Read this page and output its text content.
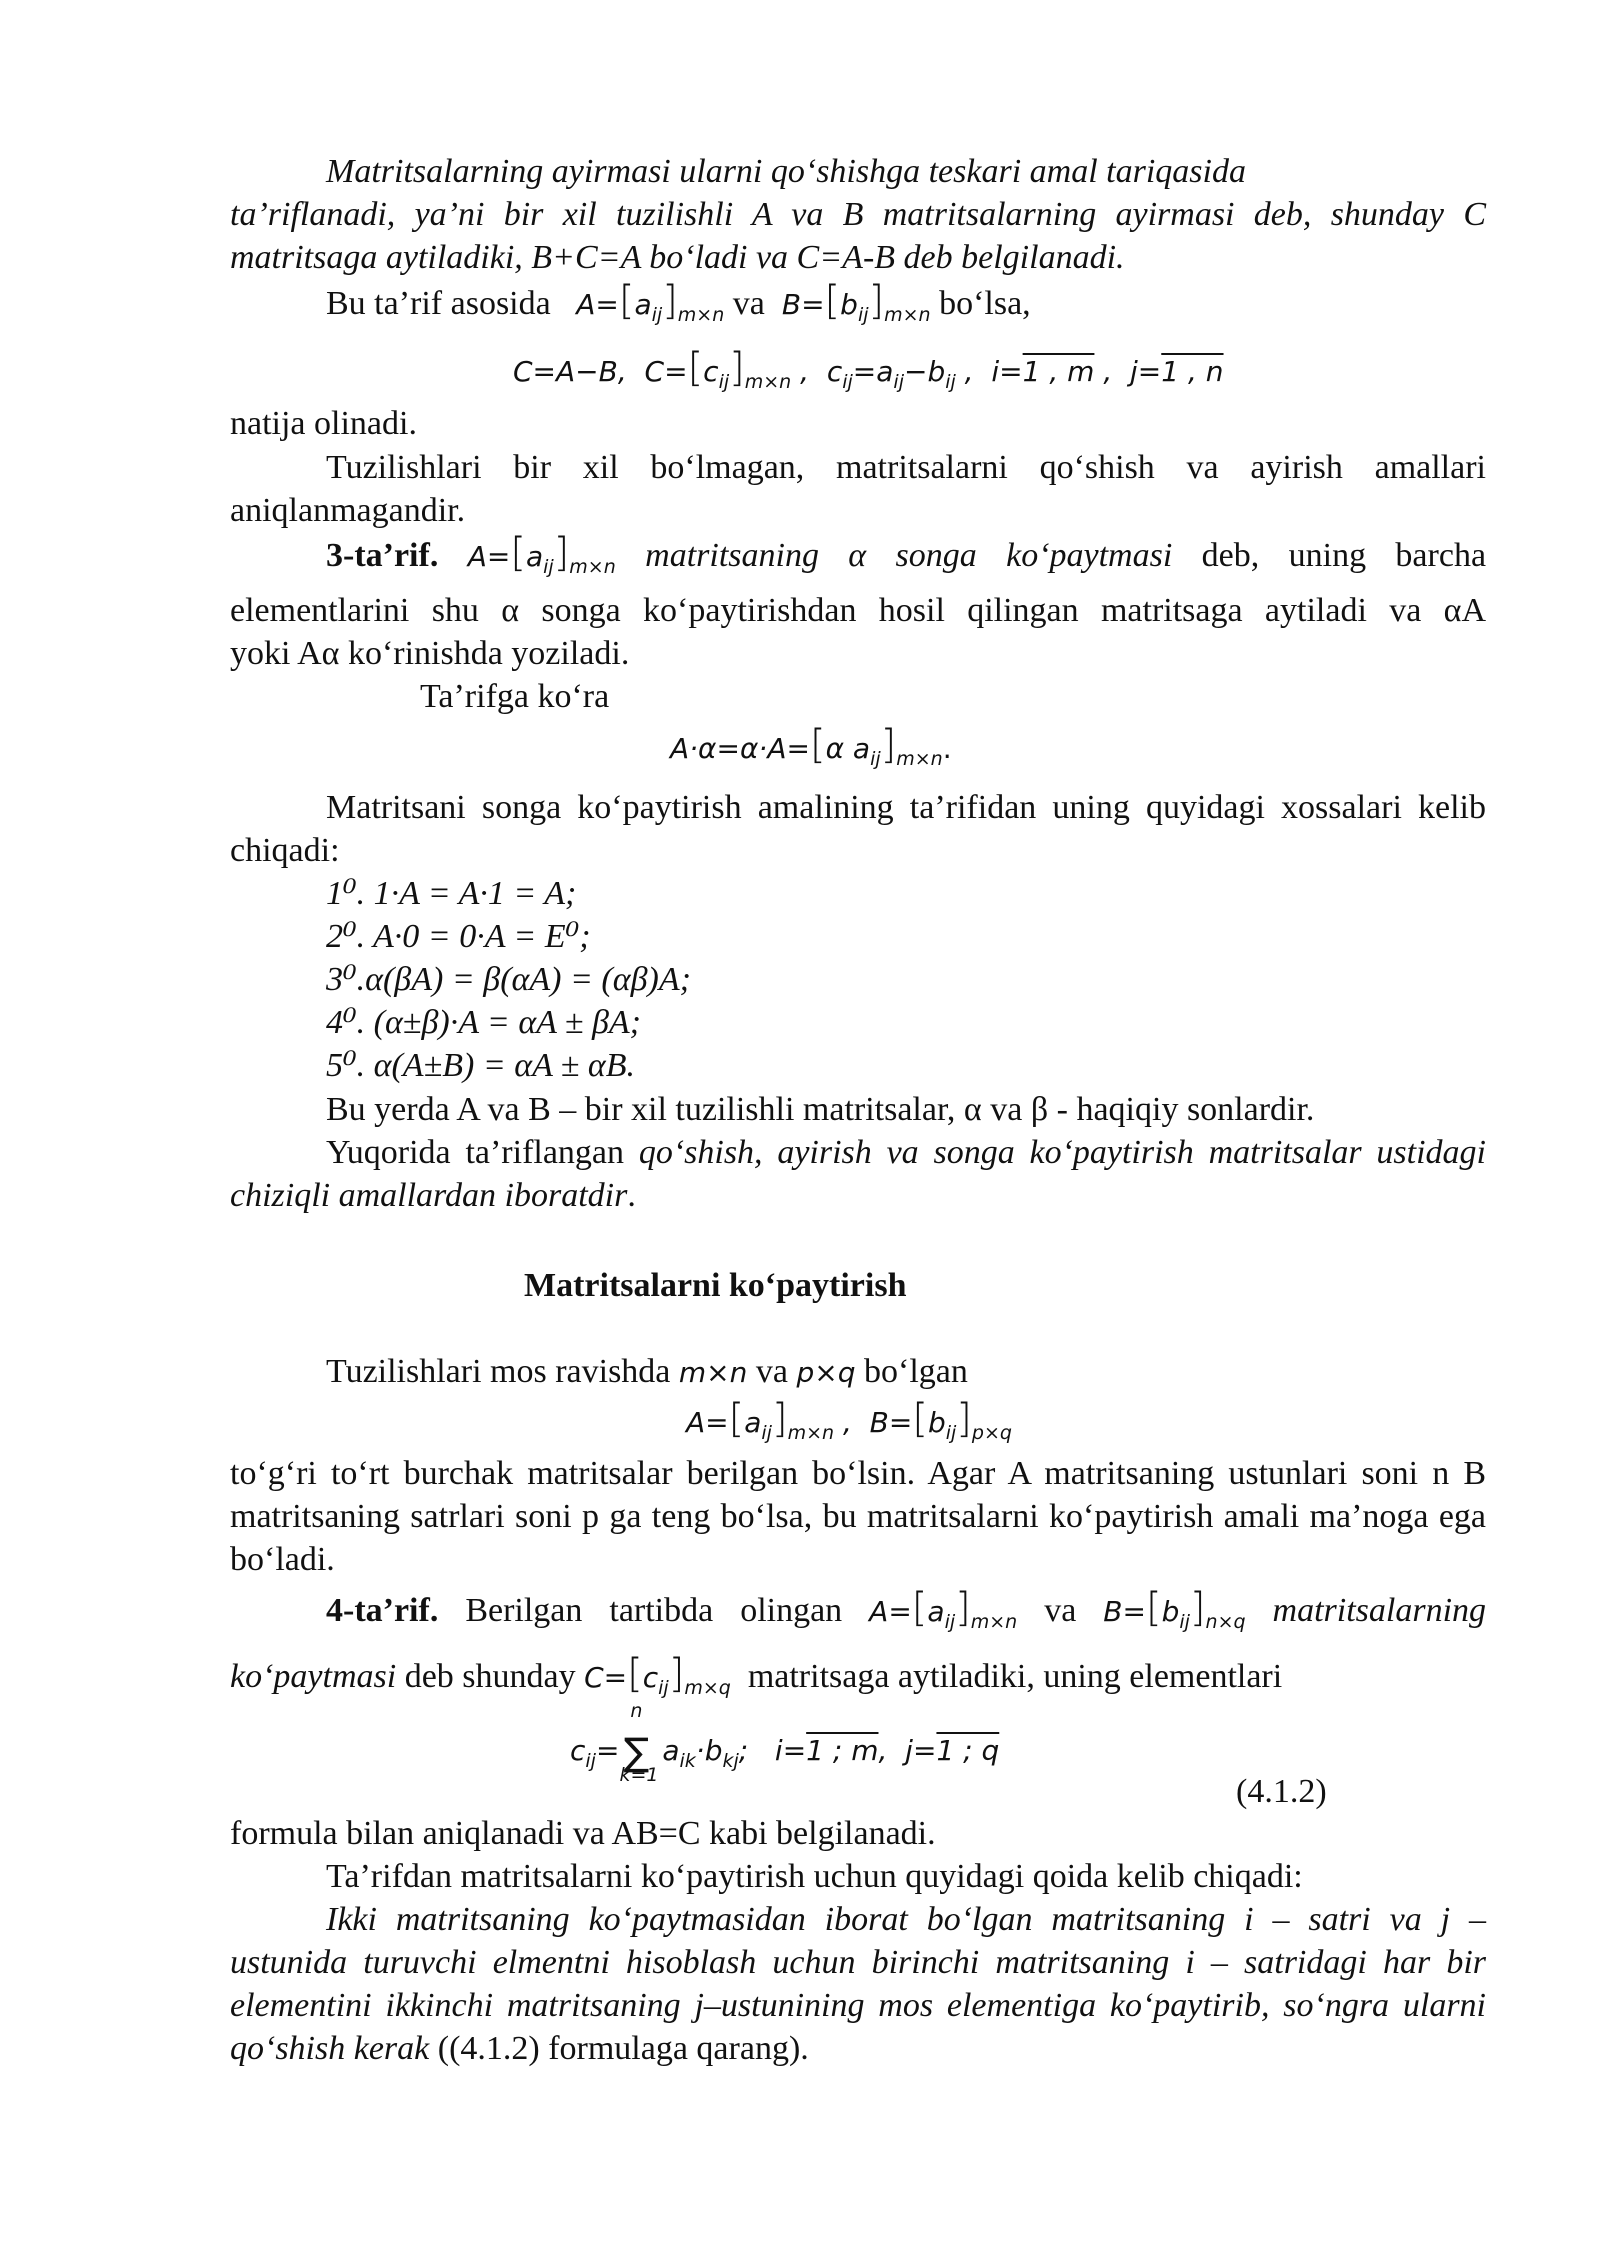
Matritsalarning ayirmasi ularni qo‘shishga teskari amal tariqasida

ta’riflanadi, ya’ni bir xil tuzilishli A va B matritsalarning ayirmasi deb, shunday C

matritsaga aytiladiki, B+C=A bo‘ladi va C=A-B deb belgilanadi.

Bu ta’rif asosida $A=[a_{ij}]_{m\times n}$ va $B=[b_{ij}]_{m\times n}$ bo‘lsa,

C=A−B,  $C=[c_{ij}]_{m\times n}$ ,  $c_{ij}=a_{ij}-b_{ij}$ ,  i=1 , m ,  j=1 , n

natija olinadi.

Tuzilishlari bir xil bo‘lmagan, matritsalarni qo‘shish va ayirish amallari aniqlanmagandir.

3-ta’rif. $A=[a_{ij}]_{m\times n}$ matritsaning α songa ko‘paytmasi deb, uning barcha

elementlarini shu α songa ko‘paytirishdan hosil qilingan matritsaga aytiladi va αA

yoki Aα ko‘rinishda yoziladi.

Ta’rifga ko‘ra

A·α=α·A=[α $a_{ij}]_{m\times n}$.

Matritsani songa ko‘paytirish amalining ta’rifidan uning quyidagi xossalari kelib chiqadi:

1⁰. 1·A = A·1 = A;
2⁰. A·0 = 0·A = E⁰;
3⁰.α(βA) = β(αA) = (αβ)A;
4⁰. (α±β)·A = αA ± βA;
5⁰. α(A±B) = αA ± αB.

Bu yerda A va B – bir xil tuzilishli matritsalar, α va β - haqiqiy sonlardir.

Yuqorida ta’riflangan qo‘shish, ayirish va songa ko‘paytirish matritsalar ustidagi chiziqli amallardan iboratdir.

Matritsalarni ko‘paytirish

Tuzilishlari mos ravishda m×n va p×q bo‘lgan

$A=[a_{ij}]_{m\times n}$ ,  $B=[b_{ij}]_{p\times q}$

to‘g‘ri to‘rt burchak matritsalar berilgan bo‘lsin. Agar A matritsaning ustunlari soni n B matritsaning satrlari soni p ga teng bo‘lsa, bu matritsalarni ko‘paytirish amali ma’noga ega bo‘ladi.

4-ta’rif. Berilgan tartibda olingan $A=[a_{ij}]_{m\times n}$ va $B=[b_{ij}]_{n\times q}$ matritsalarning

ko‘paytmasi deb shunday $C=[c_{ij}]_{m\times q}$ matritsaga aytiladiki, uning elementlari

$c_{ij}=$
n
∑
k=1
$a_{ik}\cdot b_{kj}$;   i=1 ; m,  j=1 ; q
(4.1.2)

formula bilan aniqlanadi va AB=C kabi belgilanadi.

Ta’rifdan matritsalarni ko‘paytirish uchun quyidagi qoida kelib chiqadi:

Ikki matritsaning ko‘paytmasidan iborat bo‘lgan matritsaning i – satri va j – ustunida turuvchi elmentni hisoblash uchun birinchi matritsaning i – satridagi har bir elementini ikkinchi matritsaning j–ustunining mos elementiga ko‘paytirib, so‘ngra ularni qo‘shish kerak ((4.1.2) formulaga qarang).
